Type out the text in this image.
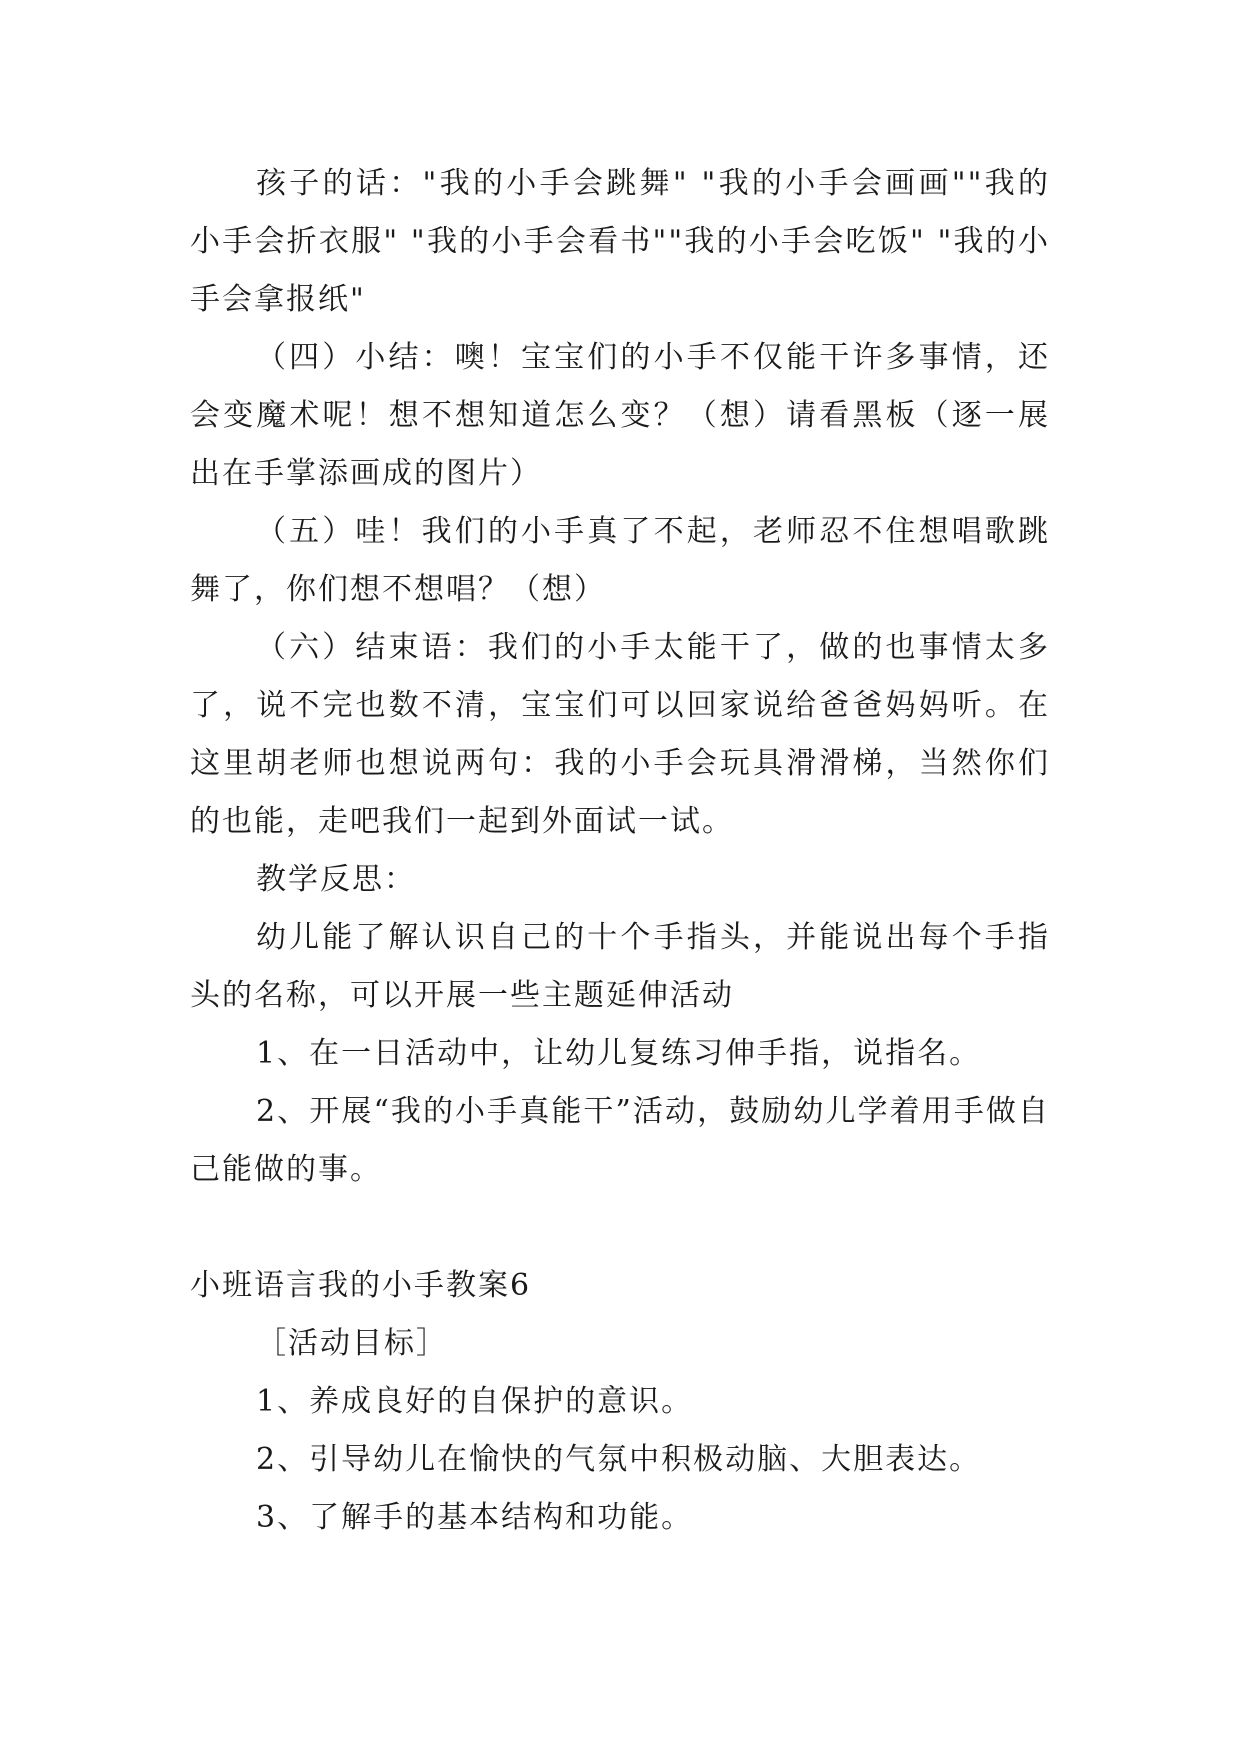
孩子的话："我的小手会跳舞" "我的小手会画画""我的小手会折衣服" "我的小手会看书""我的小手会吃饭" "我的小手会拿报纸"

（四）小结：噢！宝宝们的小手不仅能干许多事情，还会变魔术呢！想不想知道怎么变？（想）请看黑板（逐一展出在手掌添画成的图片）

（五）哇！我们的小手真了不起，老师忍不住想唱歌跳舞了，你们想不想唱？（想）

（六）结束语：我们的小手太能干了，做的也事情太多了，说不完也数不清，宝宝们可以回家说给爸爸妈妈听。在这里胡老师也想说两句：我的小手会玩具滑滑梯，当然你们的也能，走吧我们一起到外面试一试。

教学反思：

幼儿能了解认识自己的十个手指头，并能说出每个手指头的名称，可以开展一些主题延伸活动

1、在一日活动中，让幼儿复练习伸手指，说指名。

2、开展“我的小手真能干”活动，鼓励幼儿学着用手做自己能做的事。

小班语言我的小手教案6

［活动目标］

1、养成良好的自保护的意识。

2、引导幼儿在愉快的气氛中积极动脑、大胆表达。

3、了解手的基本结构和功能。
